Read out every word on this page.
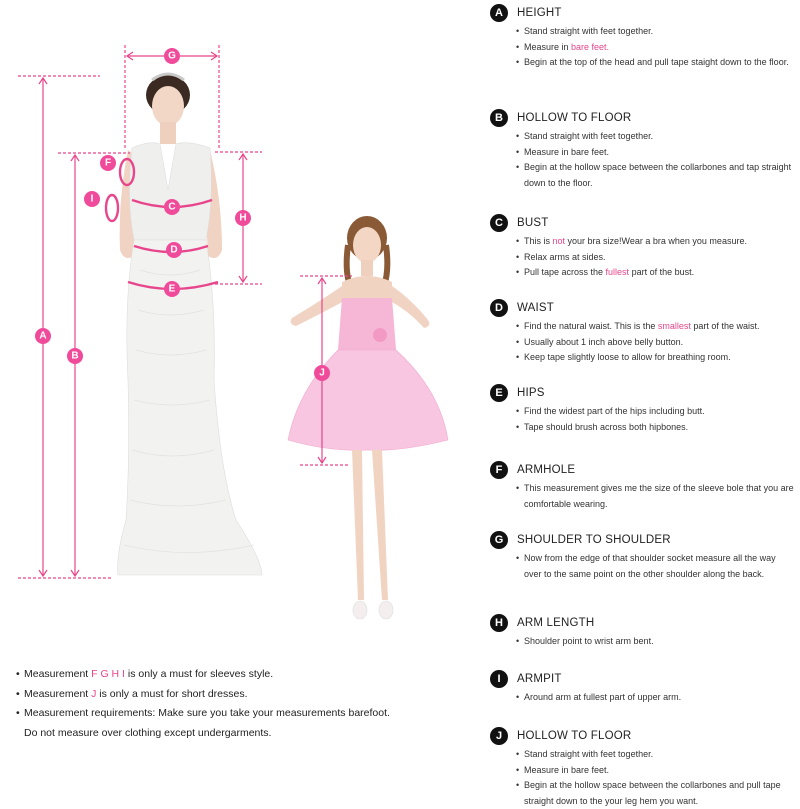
A
B
G
H
F
I
C
D
E
J
A	HEIGHT
• Stand straight with feet together.
• Measure in bare feet.
• Begin at the top of the head and pull tape staight down to the floor.
B	HOLLOW TO FLOOR
• Stand straight with feet together.
• Measure in bare feet.
• Begin at the hollow space between the collarbones and tap straight down to the floor.
C	BUST
• This is not your bra size!Wear a bra when you measure.
• Relax arms at sides.
• Pull tape across the fullest part of the bust.
D	WAIST
• Find the natural waist. This is the smallest part of the waist.
• Usually about 1 inch above belly button.
• Keep tape slightly loose to allow for breathing room.
E	HIPS
• Find the widest part of the hips including butt.
• Tape should brush across both hipbones.
F	ARMHOLE
• This measurement gives me the size of the sleeve bole that you are comfortable wearing.
G	SHOULDER TO SHOULDER
• Now from the edge of that shoulder socket measure all the way over to the same point on the other shoulder along the back.
H	ARM LENGTH
• Shoulder point to wrist arm bent.
I	ARMPIT
• Around arm at fullest part of upper arm.
J	HOLLOW TO FLOOR
• Stand straight with feet together.
• Measure in bare feet.
• Begin at the hollow space between the collarbones and pull tape straight down to the your leg hem you want.
• Measurement F G H I is only a must for sleeves style.
• Measurement J is only a must for short dresses.
• Measurement requirements: Make sure you take your measurements barefoot.
Do not measure over clothing except undergarments.
